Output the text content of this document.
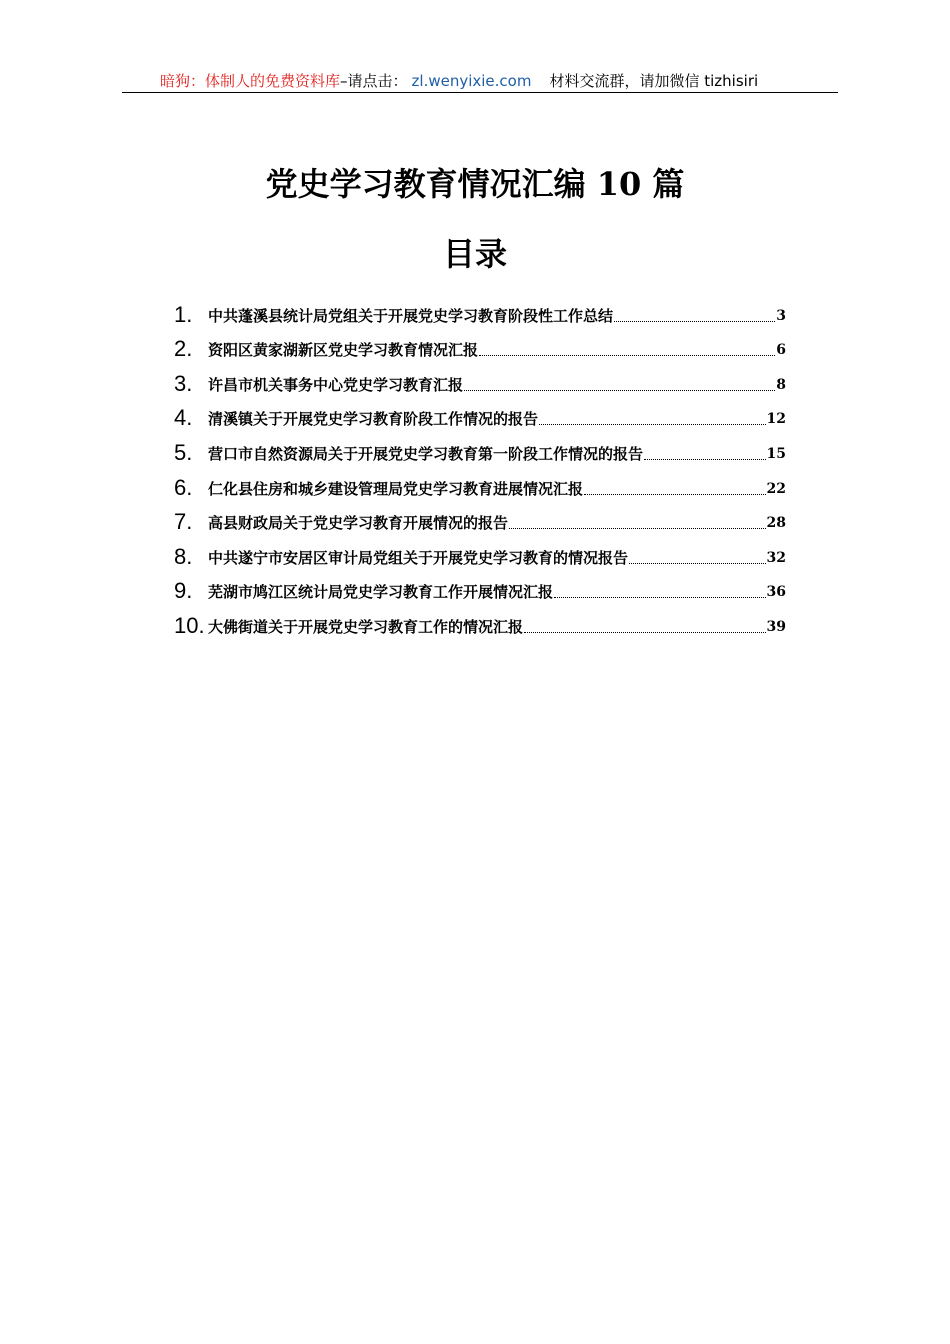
暗狗：体制人的免费资料库–请点击： zl.wenyixie.com 材料交流群，请加微信 tizhisiri
党史学习教育情况汇编 10 篇
目录
1.	中共蓬溪县统计局党组关于开展党史学习教育阶段性工作总结	3
2.	资阳区黄家湖新区党史学习教育情况汇报	6
3.	许昌市机关事务中心党史学习教育汇报	8
4.	清溪镇关于开展党史学习教育阶段工作情况的报告	12
5.	营口市自然资源局关于开展党史学习教育第一阶段工作情况的报告	15
6.	仁化县住房和城乡建设管理局党史学习教育进展情况汇报	22
7.	高县财政局关于党史学习教育开展情况的报告	28
8.	中共遂宁市安居区审计局党组关于开展党史学习教育的情况报告	32
9.	芜湖市鸠江区统计局党史学习教育工作开展情况汇报	36
10. 大佛街道关于开展党史学习教育工作的情况汇报	39
